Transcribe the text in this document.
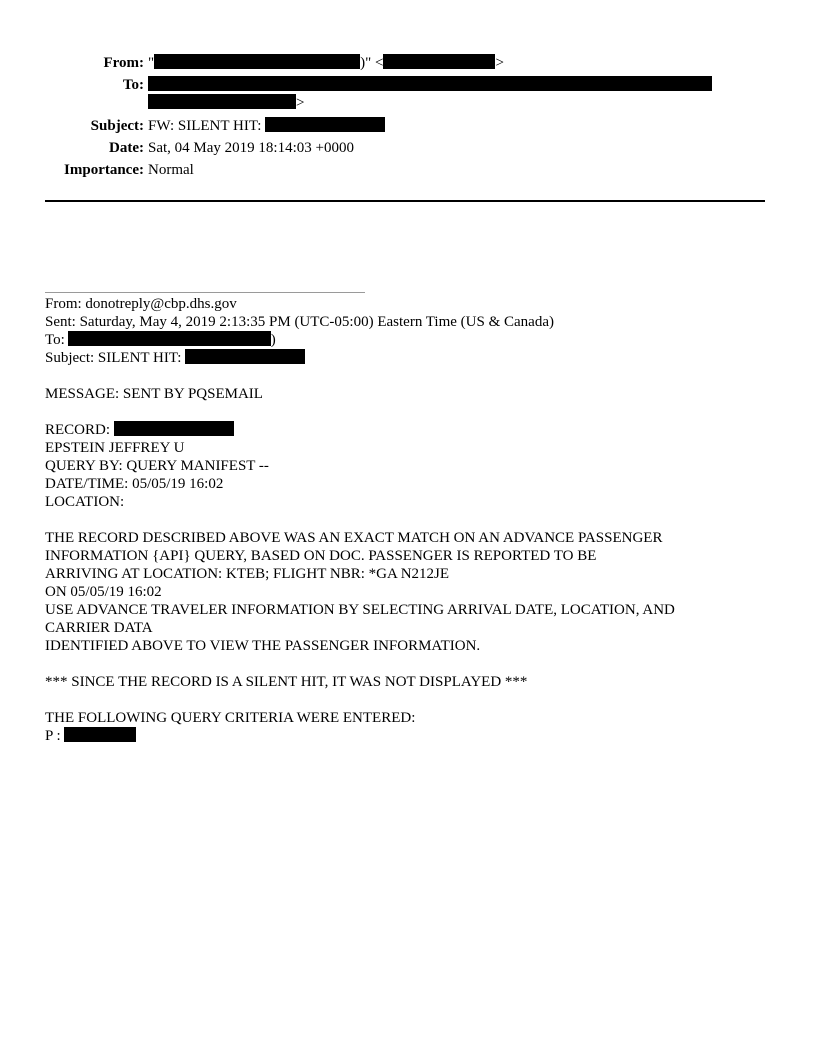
From: "	)" <	>
To:
>
Subject: FW: SILENT HIT:
Date: Sat, 04 May 2019 18:14:03 +0000
Importance: Normal
From: donotreply@cbp.dhs.gov
Sent: Saturday, May 4, 2019 2:13:35 PM (UTC-05:00) Eastern Time (US & Canada)
To:	)
Subject: SILENT HIT:
MESSAGE: SENT BY PQSEMAIL
RECORD:
EPSTEIN JEFFREY U
QUERY BY: QUERY MANIFEST --
DATE/TIME: 05/05/19 16:02
LOCATION:
THE RECORD DESCRIBED ABOVE WAS AN EXACT MATCH ON AN ADVANCE PASSENGER
INFORMATION {API} QUERY, BASED ON DOC. PASSENGER IS REPORTED TO BE
ARRIVING AT LOCATION: KTEB; FLIGHT NBR: *GA N212JE
ON 05/05/19 16:02
USE ADVANCE TRAVELER INFORMATION BY SELECTING ARRIVAL DATE, LOCATION, AND
CARRIER DATA
IDENTIFIED ABOVE TO VIEW THE PASSENGER INFORMATION.
*** SINCE THE RECORD IS A SILENT HIT, IT WAS NOT DISPLAYED ***
THE FOLLOWING QUERY CRITERIA WERE ENTERED:
P :
